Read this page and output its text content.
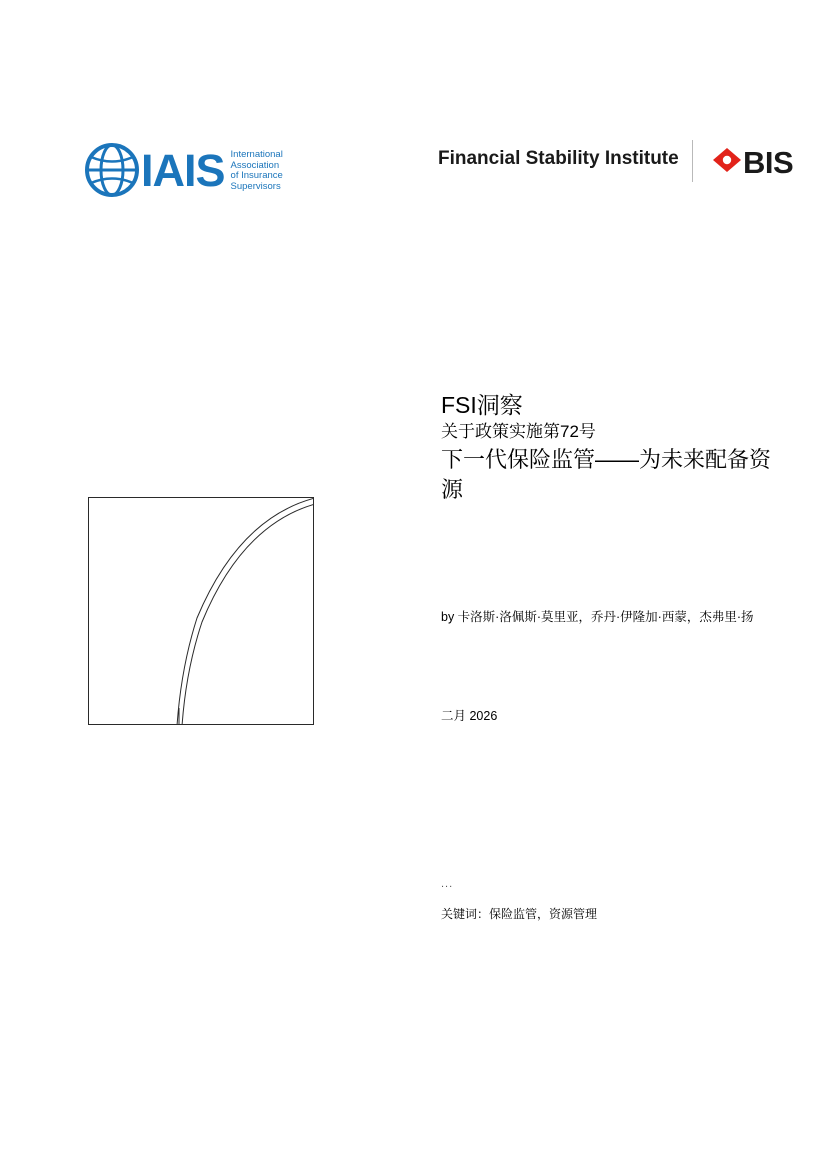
IAIS International
Association
of Insurance
Supervisors
Financial Stability Institute BIS
FSI洞察
关于政策实施第72号
下一代保险监管——为未来配备资源
by 卡洛斯·洛佩斯·莫里亚，乔丹·伊隆加·西蒙，杰弗里·扬
二月 2026
...
关键词：保险监管，资源管理
